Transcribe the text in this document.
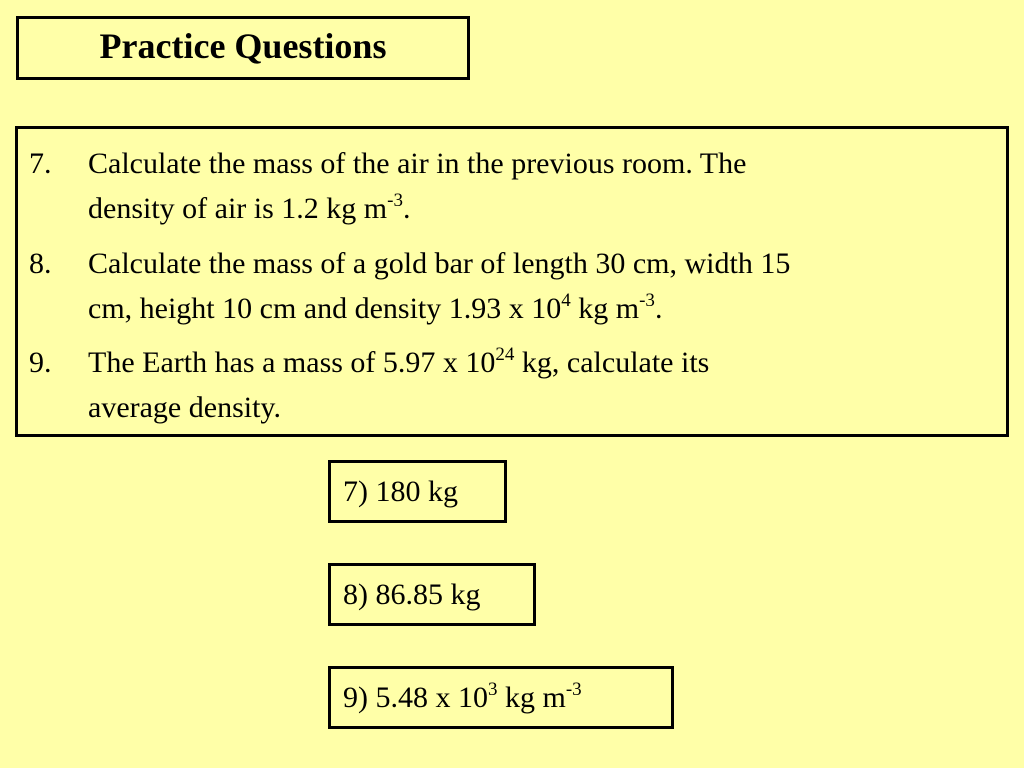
Practice Questions
7. Calculate the mass of the air in the previous room. The
density of air is 1.2 kg $m^{-3}$.
8. Calculate the mass of a gold bar of length 30 cm, width 15
cm, height 10 cm and density 1.93 x $10^4$ kg $m^{-3}$.
9. The Earth has a mass of 5.97 x $10^{24}$ kg, calculate its
average density.
7) 180 kg
8) 86.85 kg
9) 5.48 x $10^3$ kg $m^{-3}$
